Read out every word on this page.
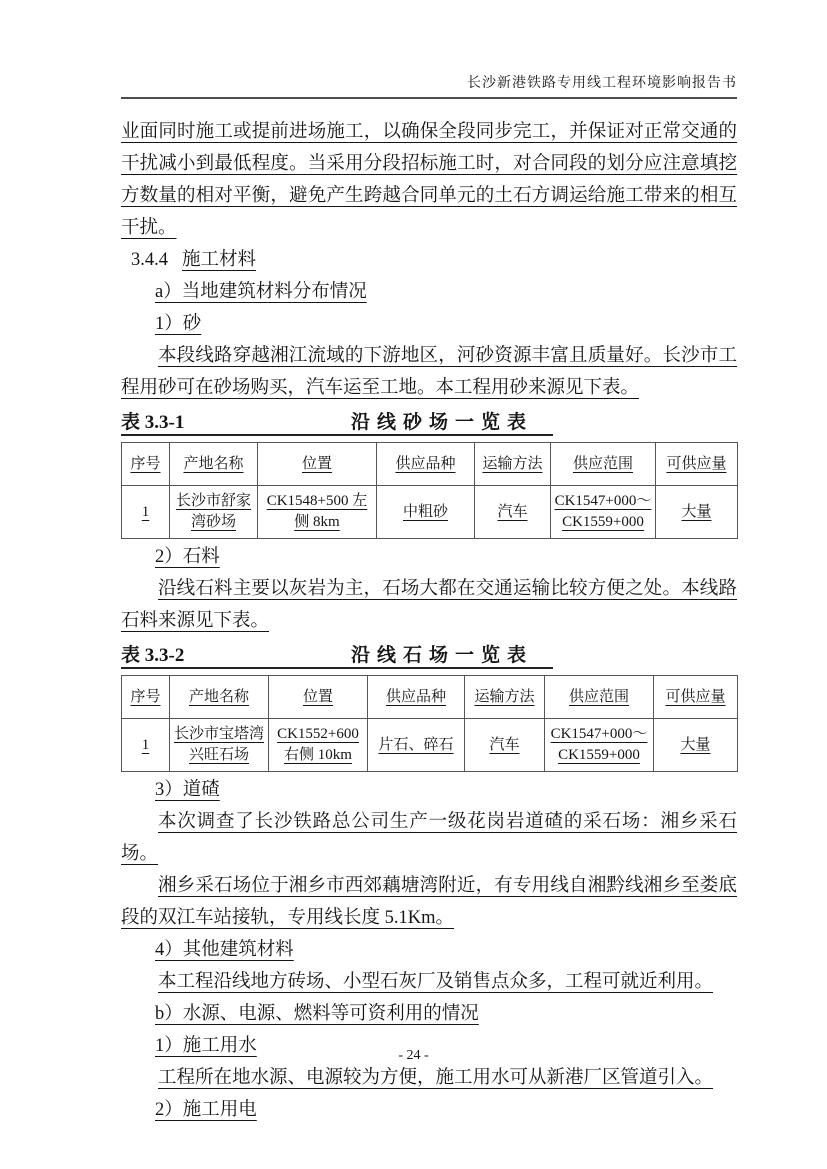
长沙新港铁路专用线工程环境影响报告书

业面同时施工或提前进场施工，以确保全段同步完工，并保证对正常交通的干扰减小到最低程度。当采用分段招标施工时，对合同段的划分应注意填挖方数量的相对平衡，避免产生跨越合同单元的土石方调运给施工带来的相互干扰。

3.4.4 施工材料

a）当地建筑材料分布情况

1）砂

本段线路穿越湘江流域的下游地区，河砂资源丰富且质量好。长沙市工程用砂可在砂场购买，汽车运至工地。本工程用砂来源见下表。

表 3.3-1	沿线砂场一览表
序号	产地名称	位置	供应品种	运输方法	供应范围	可供应量
1	长沙市舒家湾砂场	CK1548+500 左侧 8km	中粗砂	汽车	CK1547+000～CK1559+000	大量

2）石料

沿线石料主要以灰岩为主，石场大都在交通运输比较方便之处。本线路石料来源见下表。

表 3.3-2	沿线石场一览表
序号	产地名称	位置	供应品种	运输方法	供应范围	可供应量
1	长沙市宝塔湾兴旺石场	CK1552+600 右侧 10km	片石、碎石	汽车	CK1547+000～CK1559+000	大量

3）道碴

本次调查了长沙铁路总公司生产一级花岗岩道碴的采石场：湘乡采石场。

湘乡采石场位于湘乡市西郊藕塘湾附近，有专用线自湘黔线湘乡至娄底段的双江车站接轨，专用线长度 5.1Km。

4）其他建筑材料

本工程沿线地方砖场、小型石灰厂及销售点众多，工程可就近利用。

b）水源、电源、燃料等可资利用的情况

1）施工用水

工程所在地水源、电源较为方便，施工用水可从新港厂区管道引入。

2）施工用电

- 24 -
